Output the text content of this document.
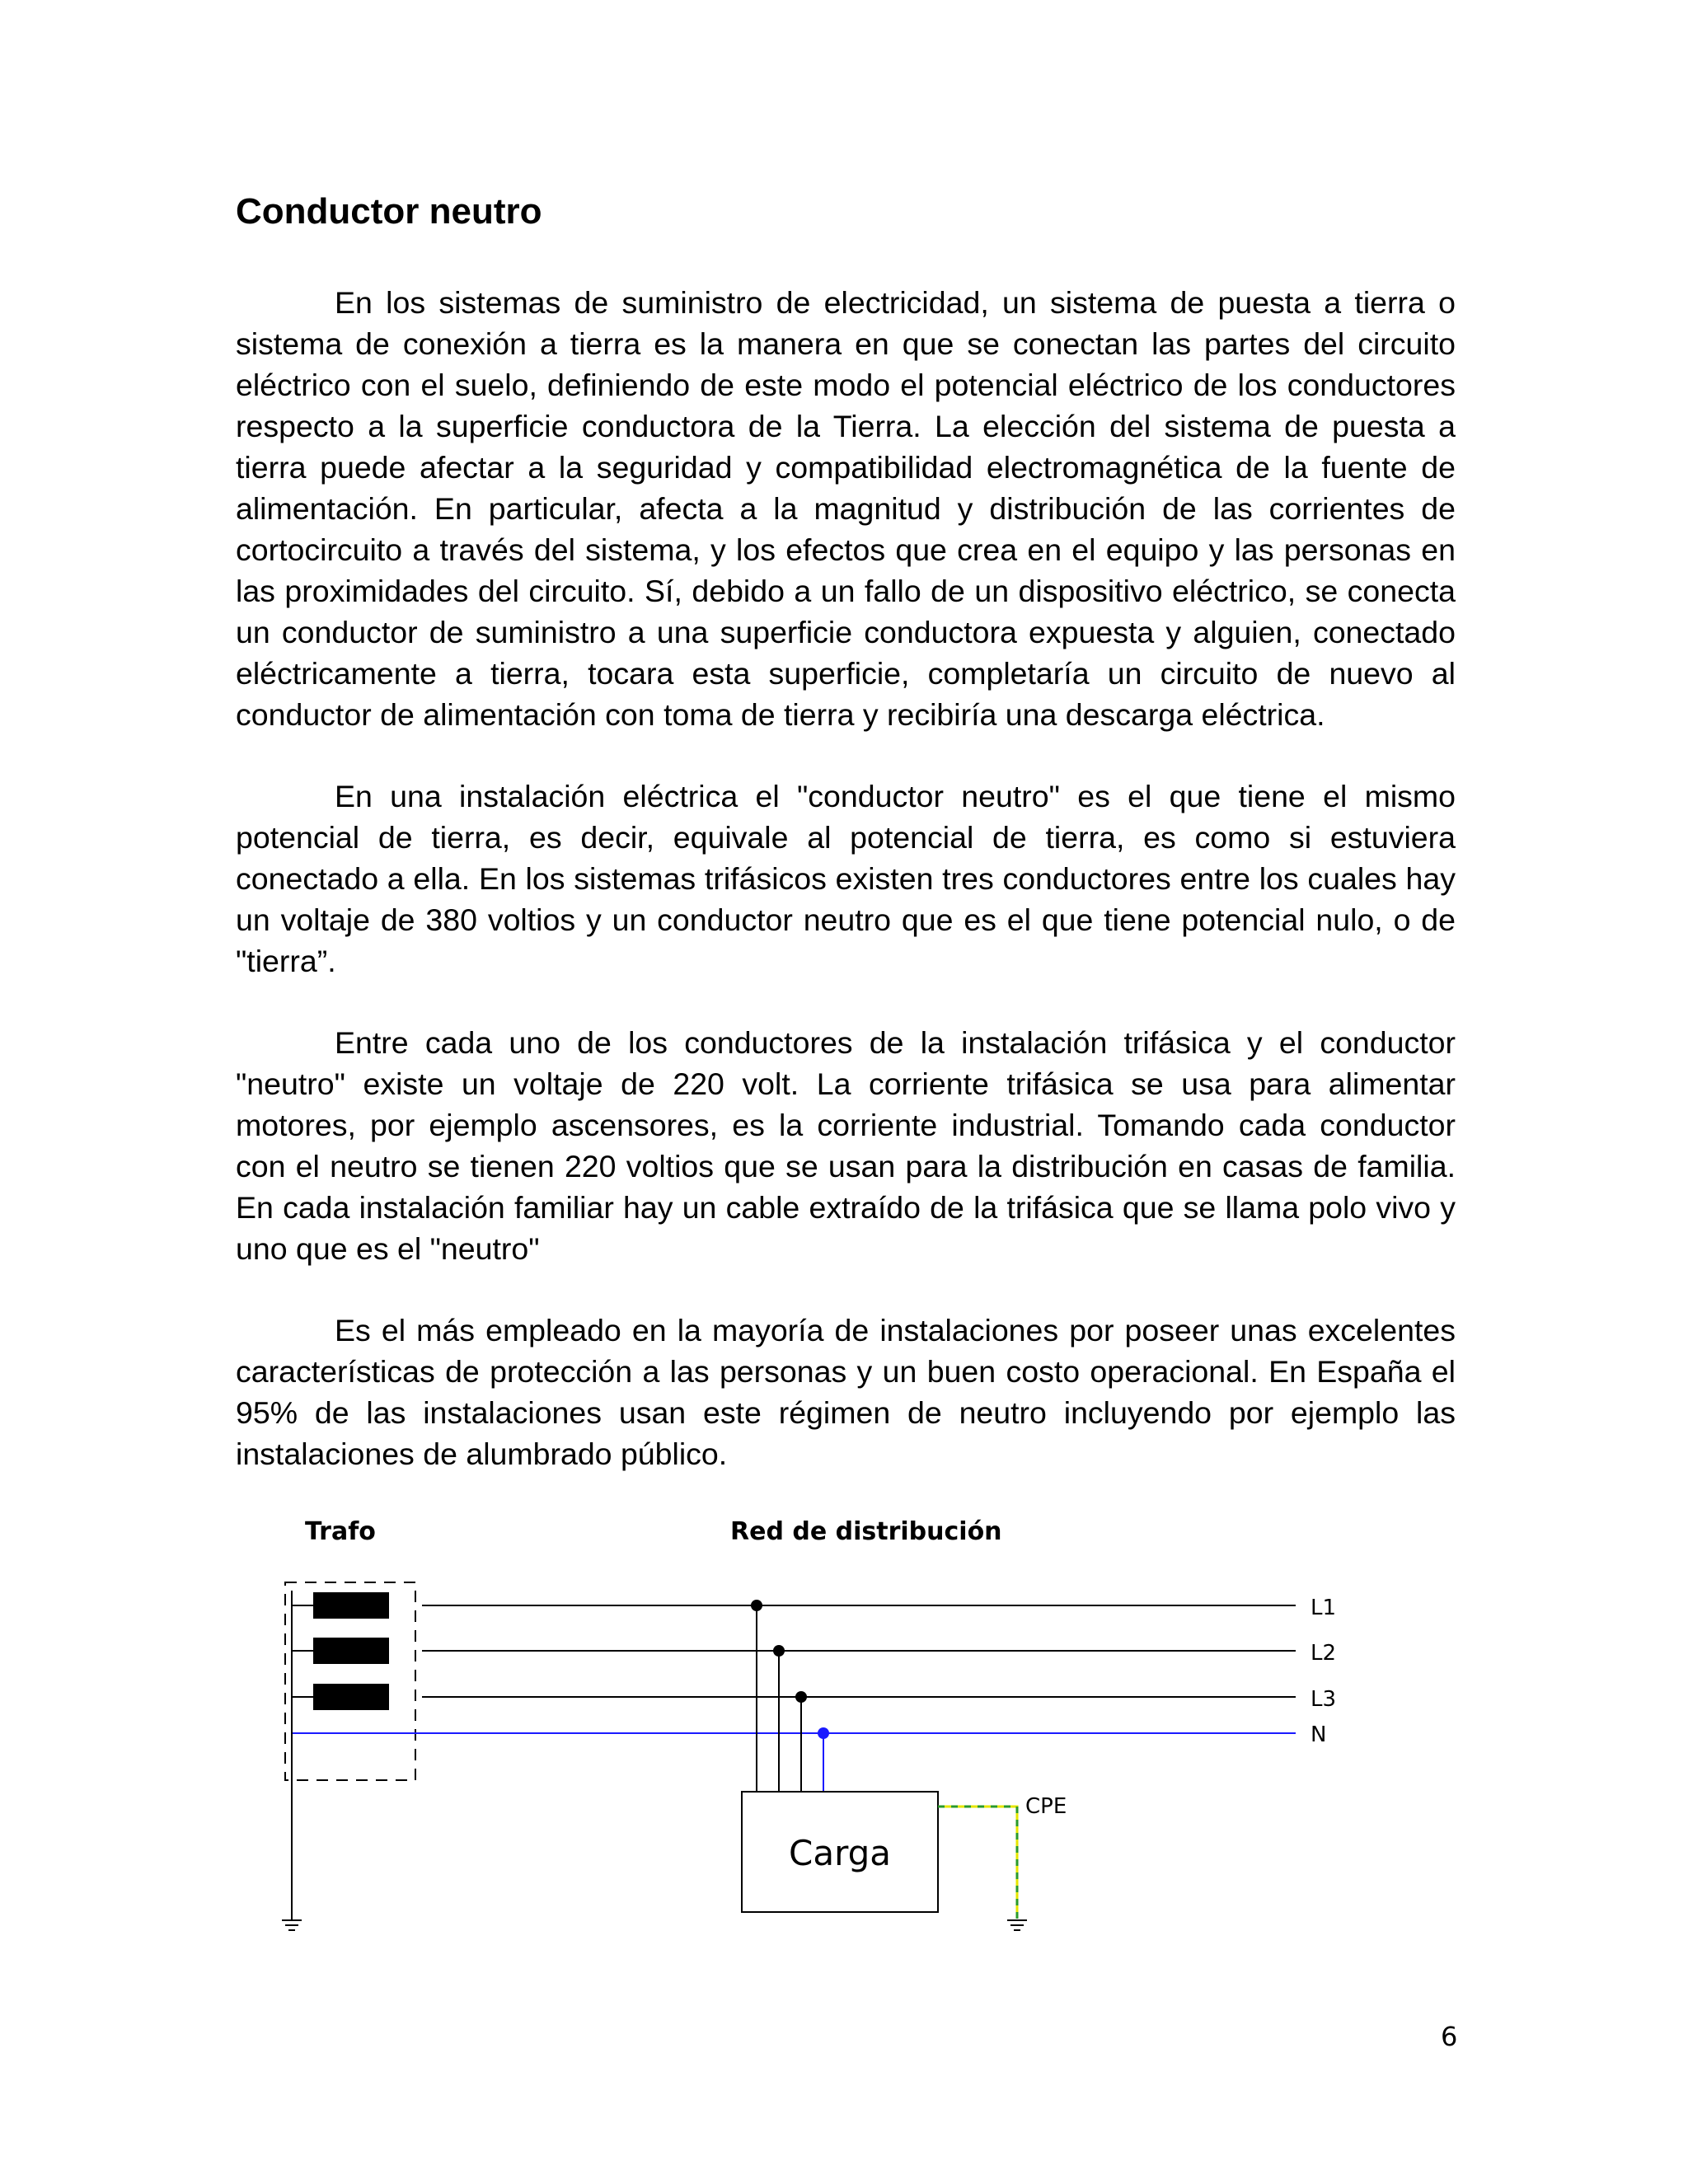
Conductor neutro

En los sistemas de suministro de electricidad, un sistema de puesta a tierra o sistema de conexión a tierra es la manera en que se conectan las partes del circuito eléctrico con el suelo, definiendo de este modo el potencial eléctrico de los conductores respecto a la superficie conductora de la Tierra. La elección del sistema de puesta a tierra puede afectar a la seguridad y compatibilidad electromagnética de la fuente de alimentación. En particular, afecta a la magnitud y distribución de las corrientes de cortocircuito a través del sistema, y los efectos que crea en el equipo y las personas en las proximidades del circuito. Sí, debido a un fallo de un dispositivo eléctrico, se conecta un conductor de suministro a una superficie conductora expuesta y alguien, conectado eléctricamente a tierra, tocara esta superficie, completaría un circuito de nuevo al conductor de alimentación con toma de tierra y recibiría una descarga eléctrica.

En una instalación eléctrica el "conductor neutro" es el que tiene el mismo potencial de tierra, es decir, equivale al potencial de tierra, es como si estuviera conectado a ella. En los sistemas trifásicos existen tres conductores entre los cuales hay un voltaje de 380 voltios y un conductor neutro que es el que tiene potencial nulo, o de "tierra”.

Entre cada uno de los conductores de la instalación trifásica y el conductor "neutro" existe un voltaje de 220 volt. La corriente trifásica se usa para alimentar motores, por ejemplo ascensores, es la corriente industrial. Tomando cada conductor con el neutro se tienen 220 voltios que se usan para la distribución en casas de familia. En cada instalación familiar hay un cable extraído de la trifásica que se llama polo vivo y uno que es el "neutro"

Es el más empleado en la mayoría de instalaciones por poseer unas excelentes características de protección a las personas y un buen costo operacional. En España el 95% de las instalaciones usan este régimen de neutro incluyendo por ejemplo las instalaciones de alumbrado público.

Trafo	Red de distribución
L1
L2
L3
N
Carga
CPE
6
